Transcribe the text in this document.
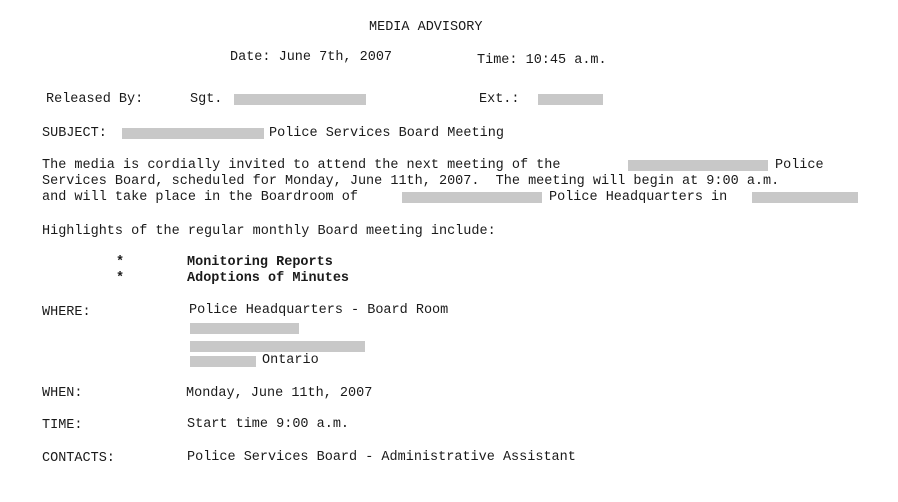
MEDIA ADVISORY
Date: June 7th, 2007	Time: 10:45 a.m.
Released By:	Sgt.	Ext.:
SUBJECT:	Police Services Board Meeting
The media is cordially invited to attend the next meeting of the	Police
Services Board, scheduled for Monday, June 11th, 2007.  The meeting will begin at 9:00 a.m.
and will take place in the Boardroom of	Police Headquarters in
Highlights of the regular monthly Board meeting include:
*	Monitoring Reports
*	Adoptions of Minutes
WHERE:	Police Headquarters - Board Room
Ontario
WHEN:	Monday, June 11th, 2007
TIME:	Start time 9:00 a.m.
CONTACTS:	Police Services Board - Administrative Assistant
